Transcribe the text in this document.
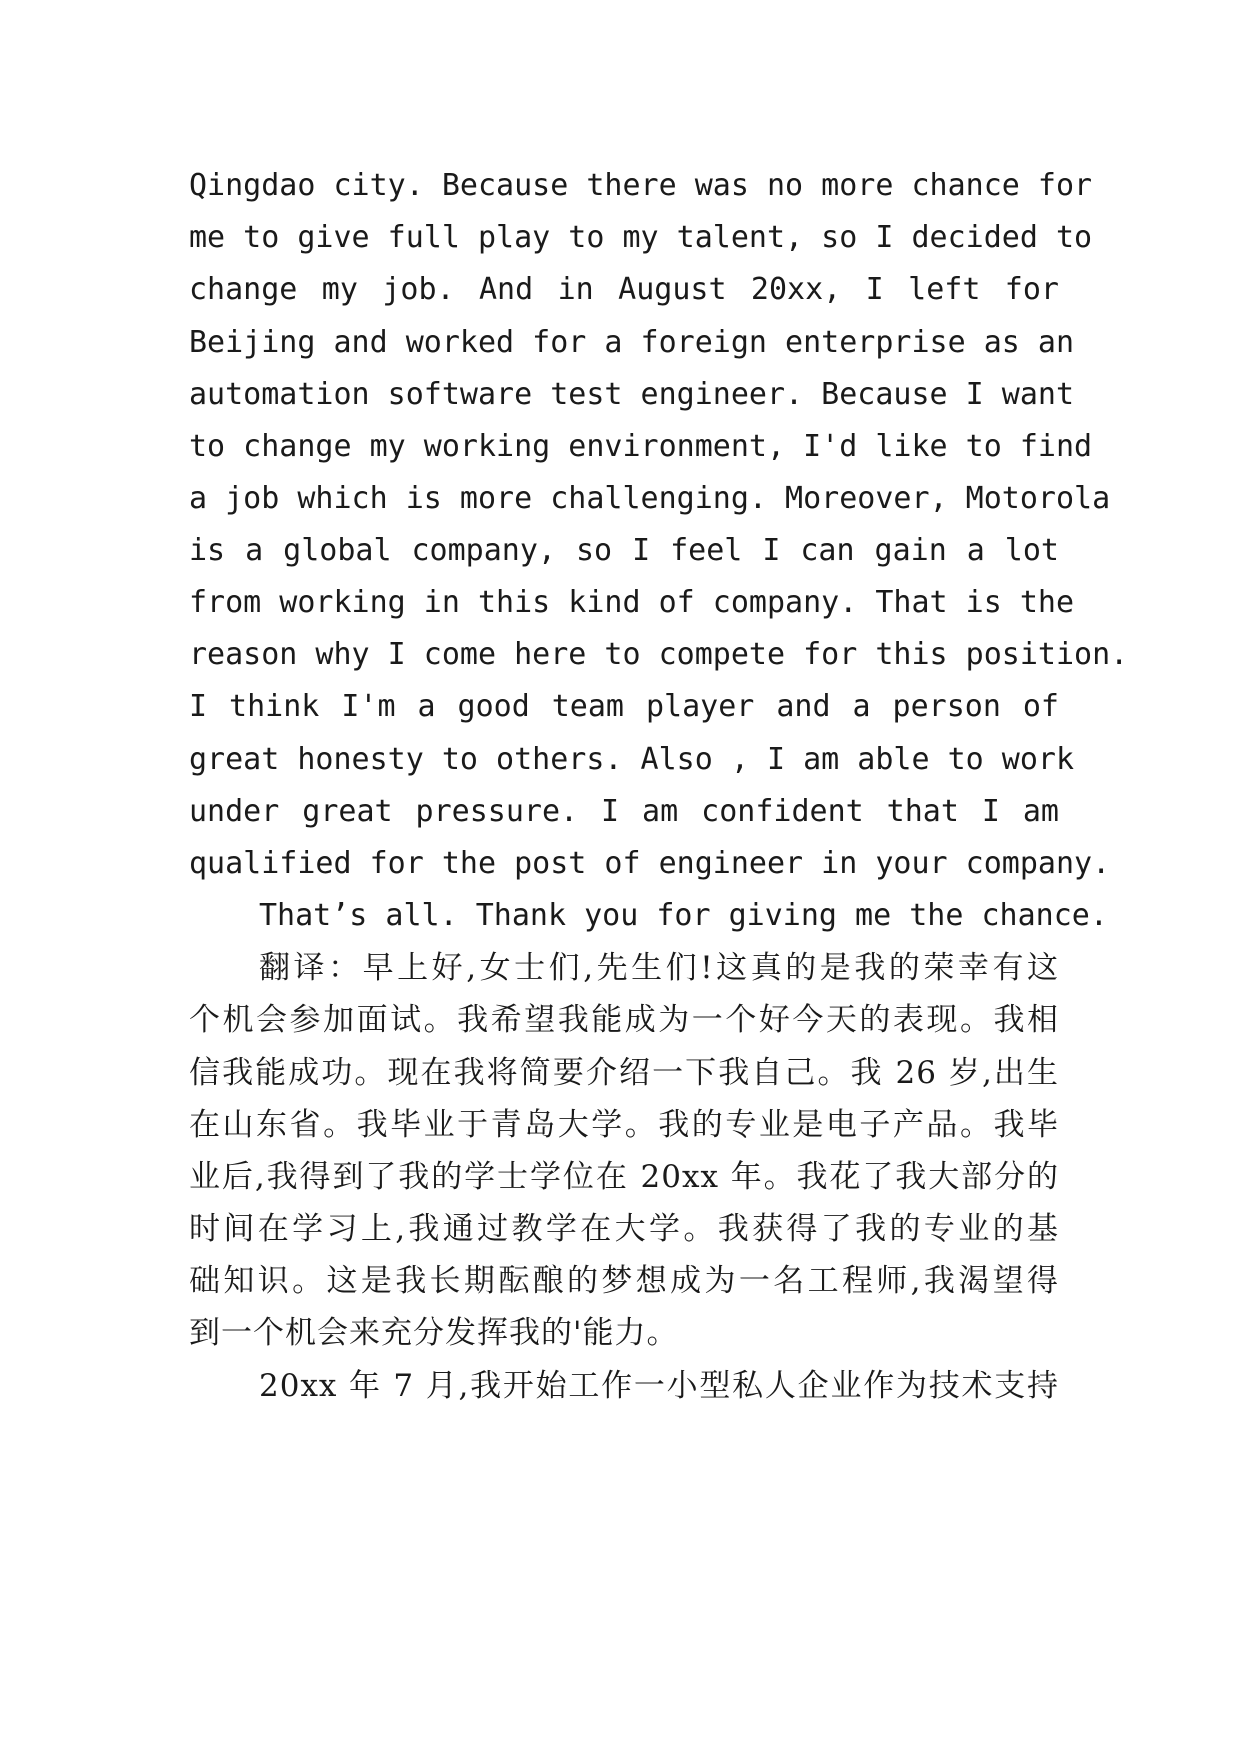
Qingdao city. Because there was no more chance for
me to give full play to my talent, so I decided to
change my job. And in August 20xx, I left for
Beijing and worked for a foreign enterprise as an
automation software test engineer. Because I want
to change my working environment, I'd like to find
a job which is more challenging. Moreover, Motorola
is a global company, so I feel I can gain a lot
from working in this kind of company. That is the
reason why I come here to compete for this position.
I think I'm a good team player and a person of
great honesty to others. Also , I am able to work
under great pressure. I am confident that I am
qualified for the post of engineer in your company.
That’s all. Thank you for giving me the chance.
翻译：早上好,女士们,先生们!这真的是我的荣幸有这
个机会参加面试。我希望我能成为一个好今天的表现。我相
信我能成功。现在我将简要介绍一下我自己。我 26 岁,出生
在山东省。我毕业于青岛大学。我的专业是电子产品。我毕
业后,我得到了我的学士学位在 20xx 年。我花了我大部分的
时间在学习上,我通过教学在大学。我获得了我的专业的基
础知识。这是我长期酝酿的梦想成为一名工程师,我渴望得
到一个机会来充分发挥我的'能力。
20xx 年 7 月,我开始工作一小型私人企业作为技术支持
